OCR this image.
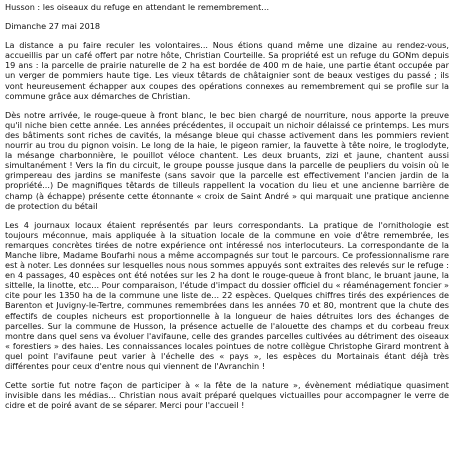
Husson : les oiseaux du refuge en attendant le remembrement...

Dimanche 27 mai 2018

La distance a pu faire reculer les volontaires... Nous étions quand même une dizaine au rendez-vous, accueillis par un café offert par notre hôte, Christian Courteille. Sa propriété est un refuge du GONm depuis 19 ans : la parcelle de prairie naturelle de 2 ha est bordée de 400 m de haie, une partie étant occupée par un verger de pommiers haute tige. Les vieux têtards de châtaignier sont de beaux vestiges du passé ; ils vont heureusement échapper aux coupes des opérations connexes au remembrement qui se profile sur la commune grâce aux démarches de Christian.

Dès notre arrivée, le rouge-queue à front blanc, le bec bien chargé de nourriture, nous apporte la preuve qu'il niche bien cette année. Les années précédentes, il occupait un nichoir délaissé ce printemps. Les murs des bâtiments sont riches de cavités, la mésange bleue qui chasse activement dans les pommiers revient nourrir au trou du pignon voisin. Le long de la haie, le pigeon ramier, la fauvette à tête noire, le troglodyte, la mésange charbonnière, le pouillot véloce chantent. Les deux bruants, zizi et jaune, chantent aussi simultanément ! Vers la fin du circuit, le groupe pousse jusque dans la parcelle de peupliers du voisin où le grimpereau des jardins se manifeste (sans savoir que la parcelle est effectivement l'ancien jardin de la propriété...) De magnifiques têtards de tilleuls rappellent la vocation du lieu et une ancienne barrière de champ (à échappe) présente cette étonnante « croix de Saint André » qui marquait une pratique ancienne de protection du bétail

Les 4 journaux locaux étaient représentés par leurs correspondants. La pratique de l'ornithologie est toujours méconnue, mais appliquée à la situation locale de la commune en voie d'être remembrée, les remarques concrètes tirées de notre expérience ont intéressé nos interlocuteurs. La correspondante de la Manche libre, Madame Boufarhi nous a même accompagnés sur tout le parcours. Ce professionnalisme rare est à noter. Les données sur lesquelles nous nous sommes appuyés sont extraites des relevés sur le refuge : en 4 passages, 40 espèces ont été notées sur les 2 ha dont le rouge-queue à front blanc, le bruant jaune, la sittelle, la linotte, etc... Pour comparaison, l'étude d'impact du dossier officiel du « réaménagement foncier » cite pour les 1350 ha de la commune une liste de... 22 espèces. Quelques chiffres tirés des expériences de Barenton et Juvigny-le-Tertre, communes remembrées dans les années 70 et 80, montrent que la chute des effectifs de couples nicheurs est proportionnelle à la longueur de haies détruites lors des échanges de parcelles. Sur la commune de Husson, la présence actuelle de l'alouette des champs et du corbeau freux montre dans quel sens va évoluer l'avifaune, celle des grandes parcelles cultivées au détriment des oiseaux « forestiers » des haies. Les connaissances locales pointues de notre collègue Christophe Girard montrent à quel point l'avifaune peut varier à l'échelle des « pays », les espèces du Mortainais étant déjà très différentes pour ceux d'entre nous qui viennent de l'Avranchin !

Cette sortie fut notre façon de participer à « la fête de la nature », évènement médiatique quasiment invisible dans les médias... Christian nous avait préparé quelques victuailles pour accompagner le verre de cidre et de poiré avant de se séparer. Merci pour l'accueil !
